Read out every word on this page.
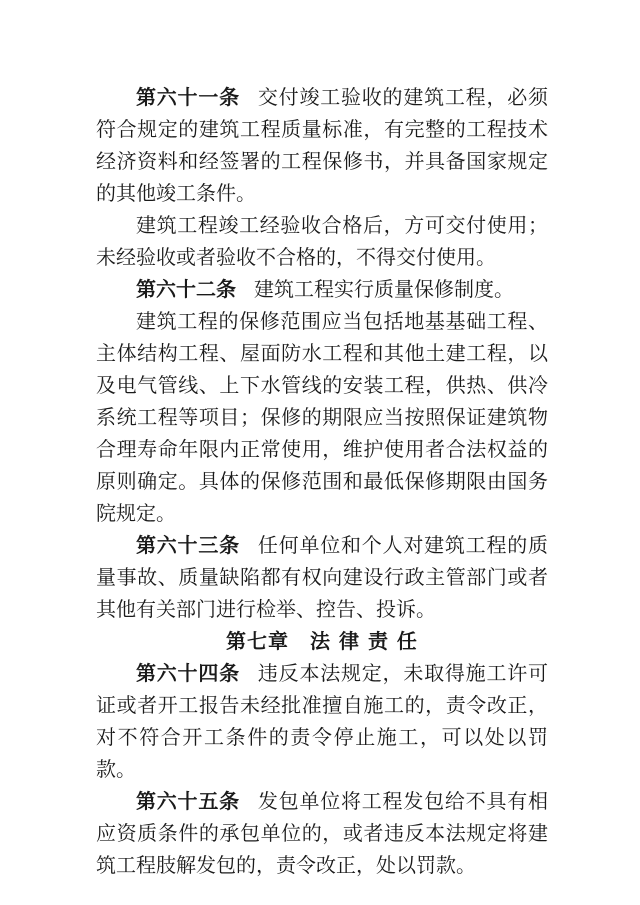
第六十一条 交付竣工验收的建筑工程，必须符合规定的建筑工程质量标准，有完整的工程技术经济资料和经签署的工程保修书，并具备国家规定的其他竣工条件。

建筑工程竣工经验收合格后，方可交付使用；未经验收或者验收不合格的，不得交付使用。

第六十二条 建筑工程实行质量保修制度。

建筑工程的保修范围应当包括地基基础工程、主体结构工程、屋面防水工程和其他土建工程，以及电气管线、上下水管线的安装工程，供热、供冷系统工程等项目；保修的期限应当按照保证建筑物合理寿命年限内正常使用，维护使用者合法权益的原则确定。具体的保修范围和最低保修期限由国务院规定。

第六十三条 任何单位和个人对建筑工程的质量事故、质量缺陷都有权向建设行政主管部门或者其他有关部门进行检举、控告、投诉。

第七章　法 律 责 任

第六十四条 违反本法规定，未取得施工许可证或者开工报告未经批准擅自施工的，责令改正，对不符合开工条件的责令停止施工，可以处以罚款。

第六十五条 发包单位将工程发包给不具有相应资质条件的承包单位的，或者违反本法规定将建筑工程肢解发包的，责令改正，处以罚款。
